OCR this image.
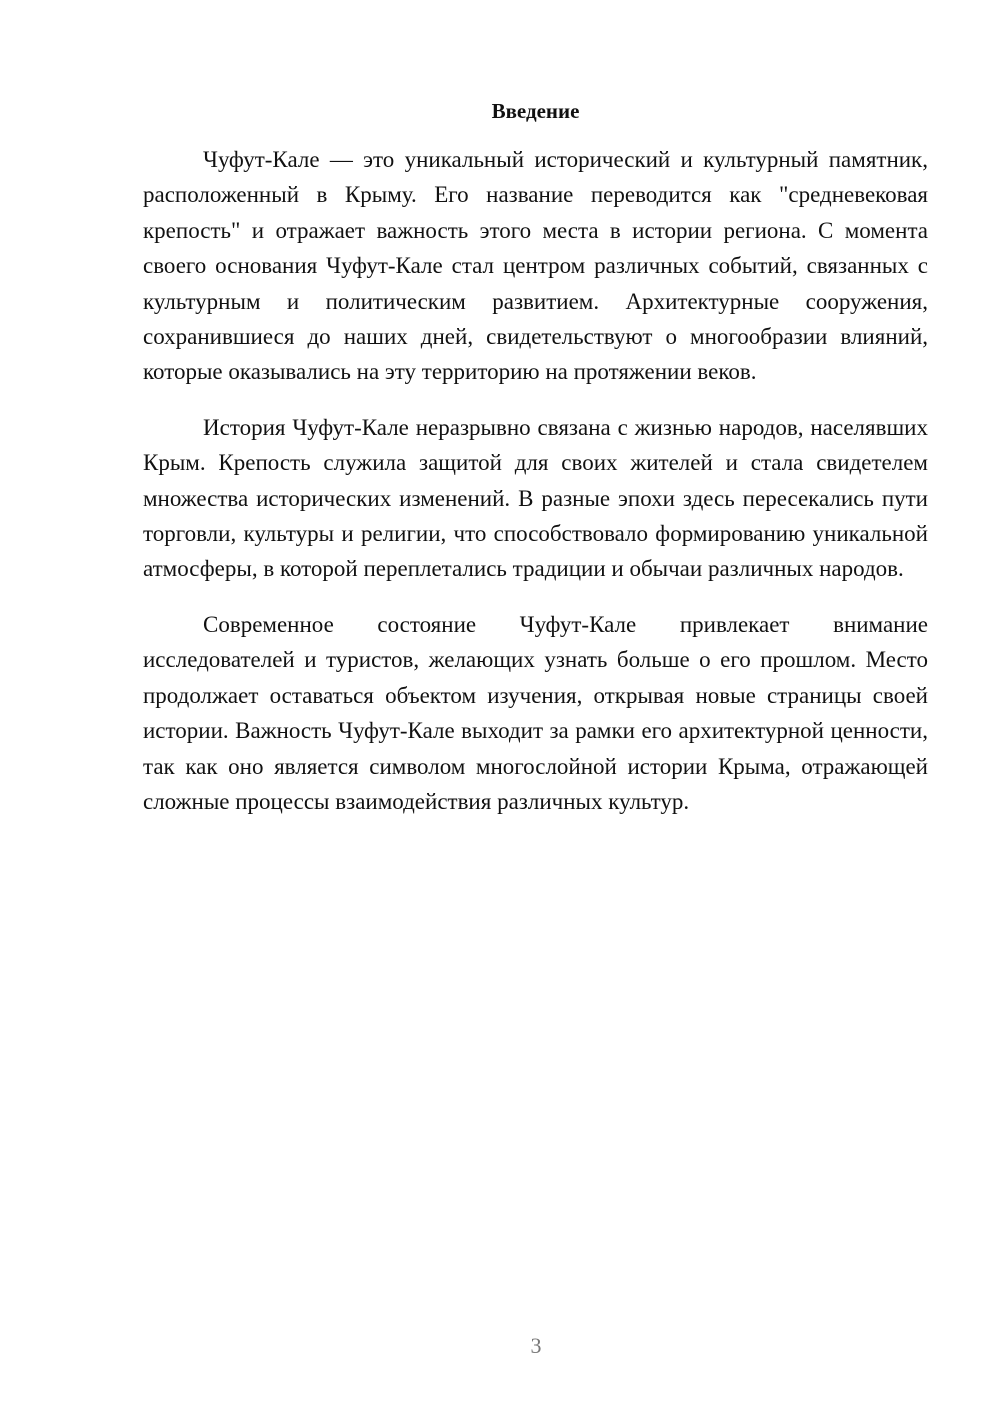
Введение

Чуфут-Кале — это уникальный исторический и культурный памятник, расположенный в Крыму. Его название переводится как "средневековая крепость" и отражает важность этого места в истории региона. С момента своего основания Чуфут-Кале стал центром различных событий, связанных с культурным и политическим развитием. Архитектурные сооружения, сохранившиеся до наших дней, свидетельствуют о многообразии влияний, которые оказывались на эту территорию на протяжении веков.

История Чуфут-Кале неразрывно связана с жизнью народов, населявших Крым. Крепость служила защитой для своих жителей и стала свидетелем множества исторических изменений. В разные эпохи здесь пересекались пути торговли, культуры и религии, что способствовало формированию уникальной атмосферы, в которой переплетались традиции и обычаи различных народов.

Современное состояние Чуфут-Кале привлекает внимание исследователей и туристов, желающих узнать больше о его прошлом. Место продолжает оставаться объектом изучения, открывая новые страницы своей истории. Важность Чуфут-Кале выходит за рамки его архитектурной ценности, так как оно является символом многослойной истории Крыма, отражающей сложные процессы взаимодействия различных культур.

3
